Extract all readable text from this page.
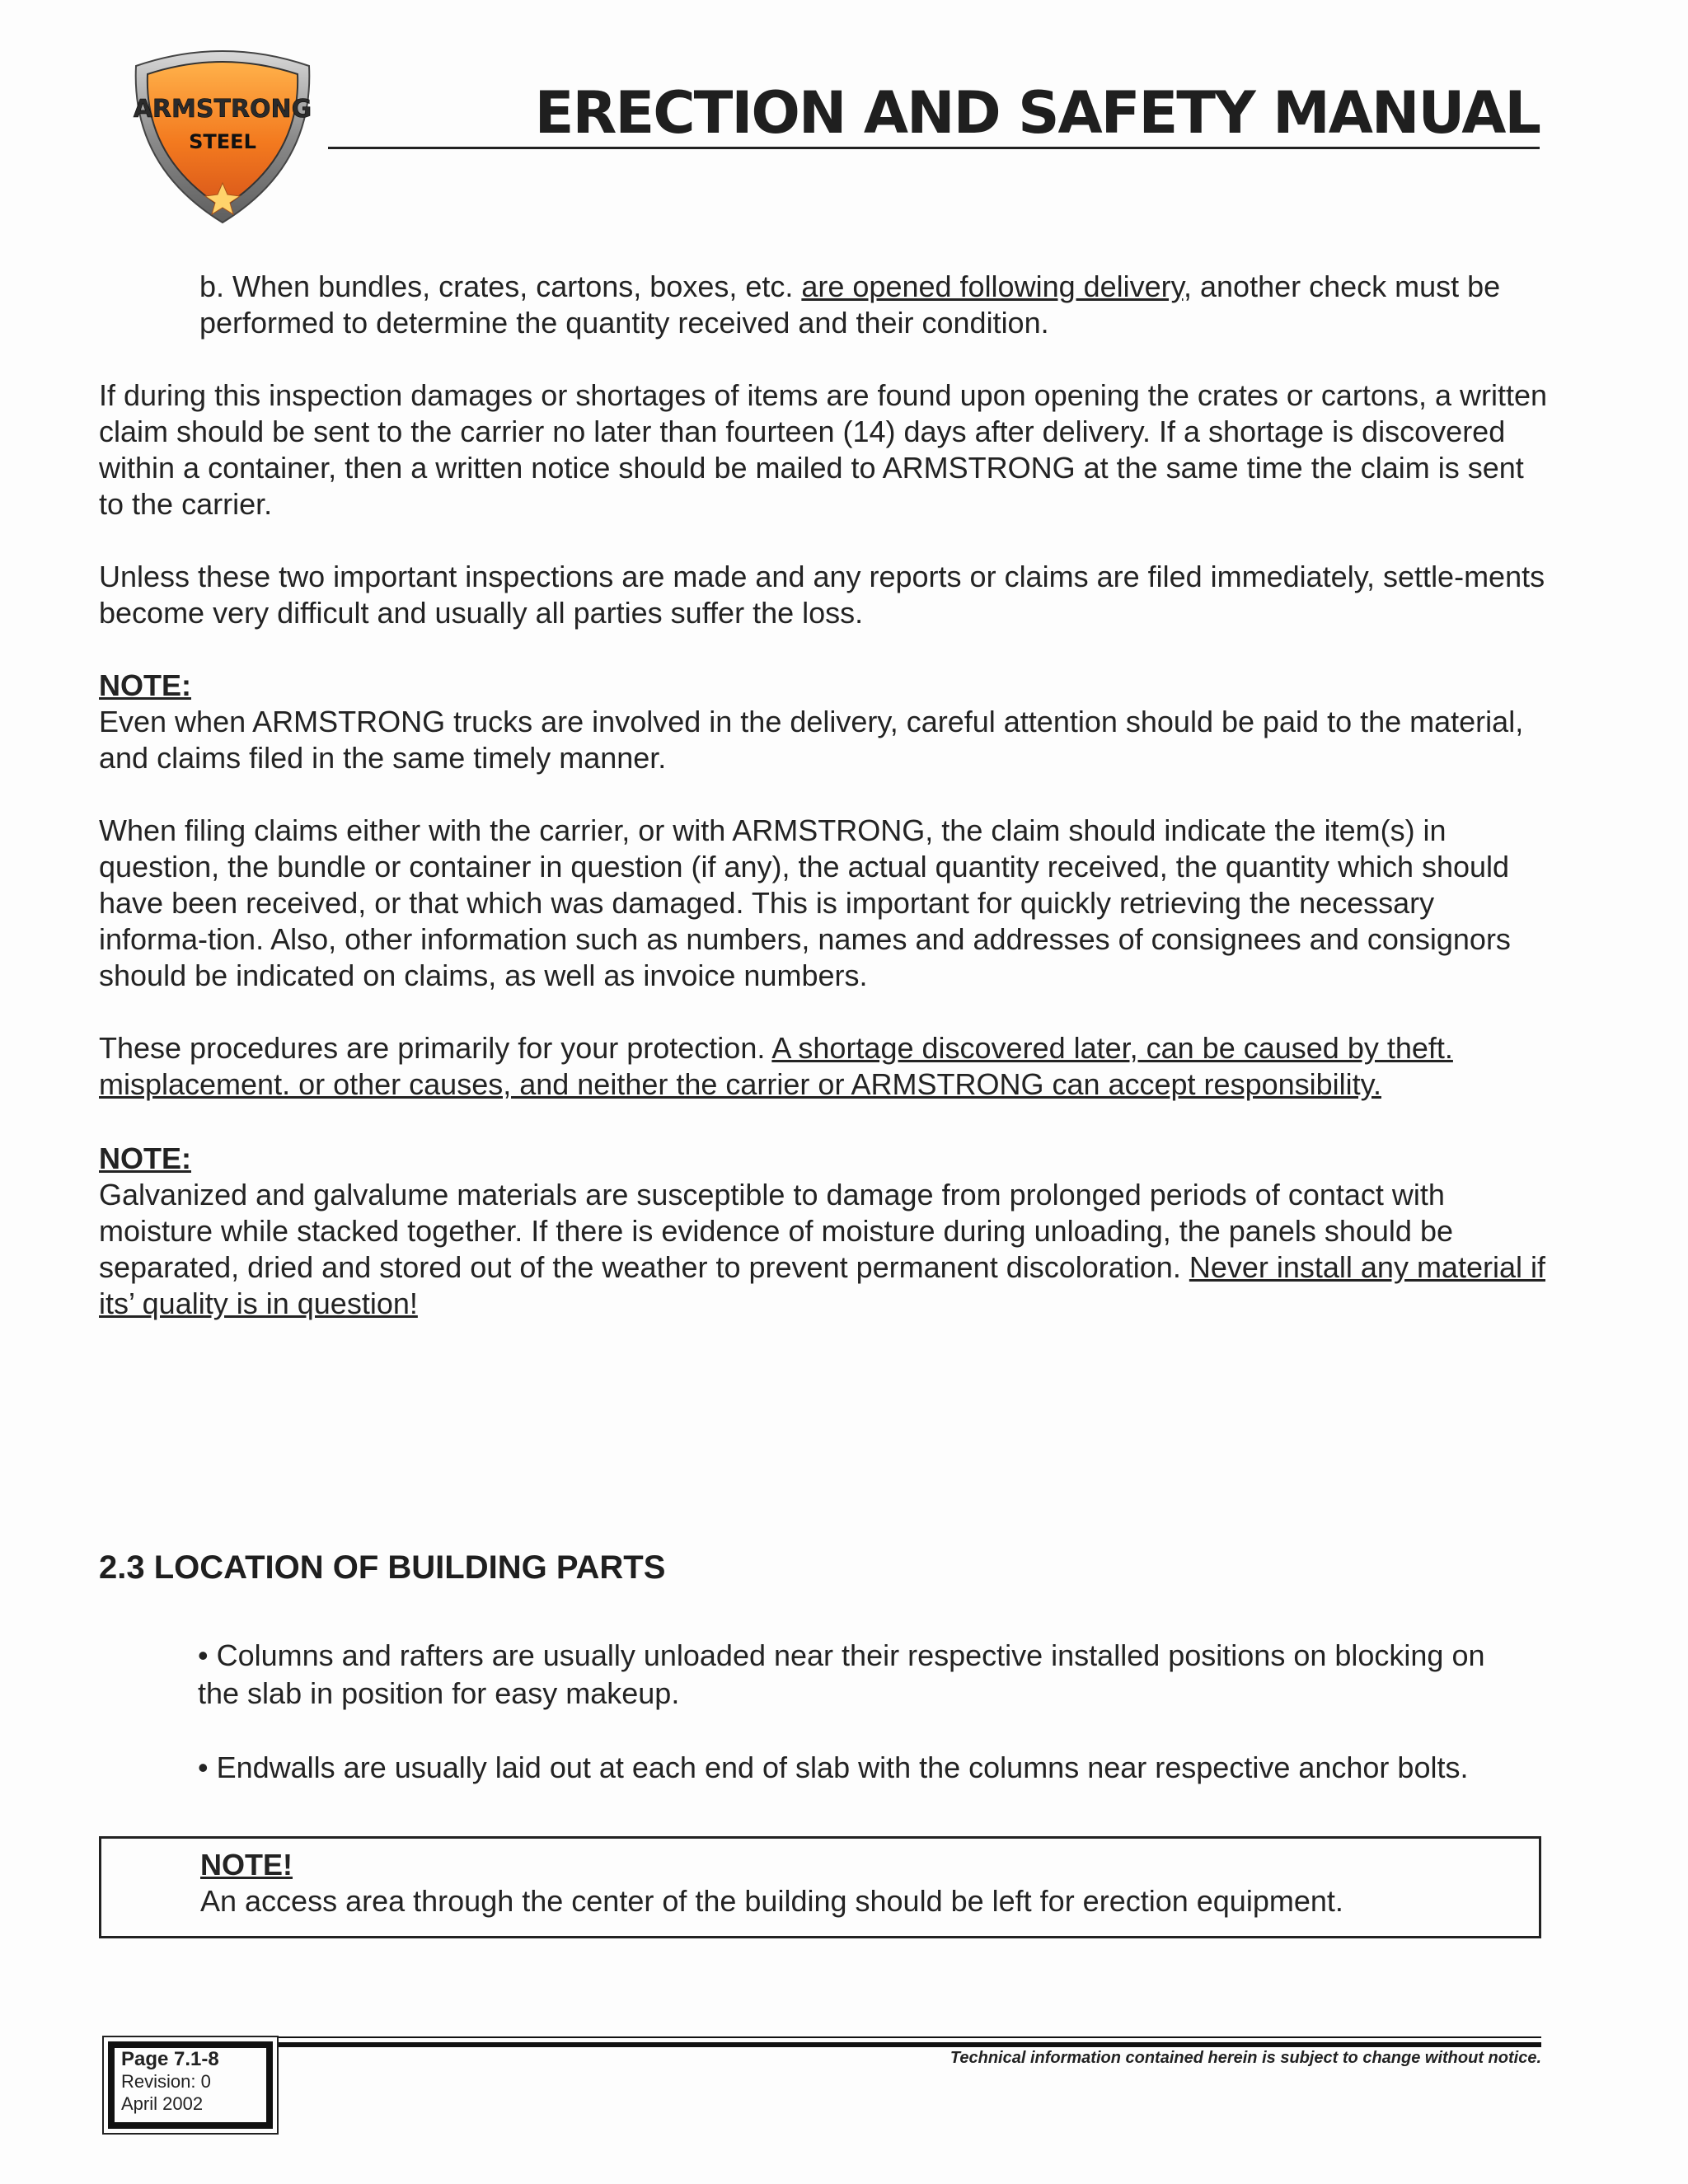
ARMSTRONG
STEEL	ERECTION AND SAFETY MANUAL

b. When bundles, crates, cartons, boxes, etc. are opened following delivery, another check must be performed to determine the quantity received and their condition.

If during this inspection damages or shortages of items are found upon opening the crates or cartons, a written claim should be sent to the carrier no later than fourteen (14) days after delivery. If a shortage is discovered within a container, then a written notice should be mailed to ARMSTRONG at the same time the claim is sent to the carrier.

Unless these two important inspections are made and any reports or claims are filed immediately, settle-ments become very difficult and usually all parties suffer the loss.

NOTE:

Even when ARMSTRONG trucks are involved in the delivery, careful attention should be paid to the material, and claims filed in the same timely manner.

When filing claims either with the carrier, or with ARMSTRONG, the claim should indicate the item(s) in question, the bundle or container in question (if any), the actual quantity received, the quantity which should have been received, or that which was damaged. This is important for quickly retrieving the necessary informa-tion. Also, other information such as numbers, names and addresses of consignees and consignors should be indicated on claims, as well as invoice numbers.

These procedures are primarily for your protection. A shortage discovered later, can be caused by theft. misplacement. or other causes, and neither the carrier or ARMSTRONG can accept responsibility.

NOTE:

Galvanized and galvalume materials are susceptible to damage from prolonged periods of contact with moisture while stacked together. If there is evidence of moisture during unloading, the panels should be separated, dried and stored out of the weather to prevent permanent discoloration. Never install any material if its’ quality is in question!

2.3 LOCATION OF BUILDING PARTS

• Columns and rafters are usually unloaded near their respective installed positions on blocking on the slab in position for easy makeup.

• Endwalls are usually laid out at each end of slab with the columns near respective anchor bolts.

NOTE!
An access area through the center of the building should be left for erection equipment.
Page 7.1-8
Revision: 0
April 2002
Technical information contained herein is subject to change without notice.
